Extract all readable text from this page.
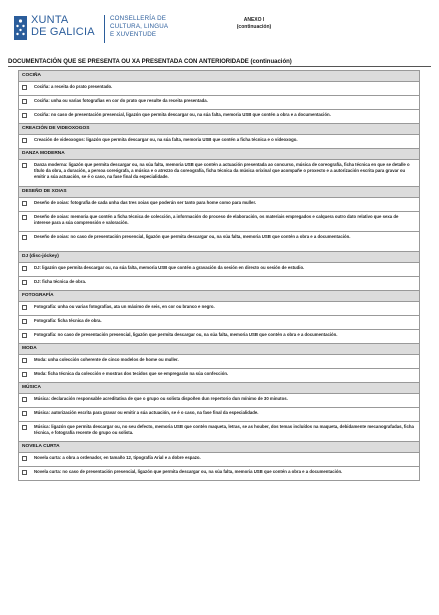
XUNTA
DE GALICIA
CONSELLERÍA DE
CULTURA, LINGUA
E XUVENTUDE
ANEXO I
(continuación)
DOCUMENTACIÓN QUE SE PRESENTA OU XA PRESENTADA CON ANTERIORIDADE (continuación)
COCIÑA
Cociña: a receita do prato presentado.
Cociña: unha ou varias fotografías en cor do prato que resulte da receita presentada.
Cociña: no caso de presentación presencial, ligazón que permita descargar ou, na súa falta, memoria USB que contén a obra e a documentación.
CREACIÓN DE VIDEOXOGOS
Creación de videoxogos: ligazón que permita descargar ou, na súa falta, memoria USB que contén a ficha técnica e o videoxogo.
DANZA MODERNA
Danza moderna: ligazón que permita descargar ou, na súa falta, memoria USB que contén a actuación presentada ao concurso, música de coreografía, ficha técnica en que se detalle o título da obra, a duración, a persoa coreógrafa, a música e o atrezzo da coreografía, ficha técnica da música orixinal que acompañe o proxecto e a autorización escrita para gravar ou emitir a súa actuación, se é o caso, na fase final da especialidade.
DESEÑO DE XOIAS
Deseño de xoias: fotografía de cada unha das tres xoias que poderán ser tanto para home como para muller.
Deseño de xoias: memoria que contén a ficha técnica de colección, a información do proceso de elaboración, os materiais empregados e calquera outro dato relativo que sexa de interese para a súa comprensión e valoración.
Deseño de xoias: no caso de presentación presencial, ligazón que permita descargar ou, na súa falta, memoria USB que contén a obra e a documentación.
DJ (disc-jóckey)
DJ: ligazón que permita descargar ou, na súa falta, memoria USB que contén a gravación da sesión en directo ou sesión de estudio.
DJ: ficha técnica de obra.
FOTOGRAFÍA
Fotografía: unha ou varias fotografías, ata un máximo de seis, en cor ou branco e negro.
Fotografía: ficha técnica de obra.
Fotografía: no caso de presentación presencial, ligazón que permita descargar ou, na súa falta, memoria USB que contén a obra e a documentación.
MODA
Moda: unha colección coherente de cinco modelos de home ou muller.
Moda: ficha técnica da colección e mostras dos tecidos que se empregarán na súa confección.
MÚSICA
Música: declaración responsable acreditativa de que o grupo ou solista dispoñen dun repertorio dun mínimo de 30 minutos.
Música: autorización escrita para gravar ou emitir a súa actuación, se é o caso, na fase final da especialidade.
Música: ligazón que permita descargar ou, no seu defecto, memoria USB que contén maqueta, letras, se as houber, dos temas incluídos na maqueta, debidamente mecanografadas, ficha técnica, e fotografía recente do grupo ou solista.
NOVELA CURTA
Novela curta: a obra a ordenador, en tamaño 12, tipografía Arial e a dobre espazo.
Novela curta: no caso de presentación presencial, ligazón que permita descargar ou, na súa falta, memoria USB que contén a obra e a documentación.
